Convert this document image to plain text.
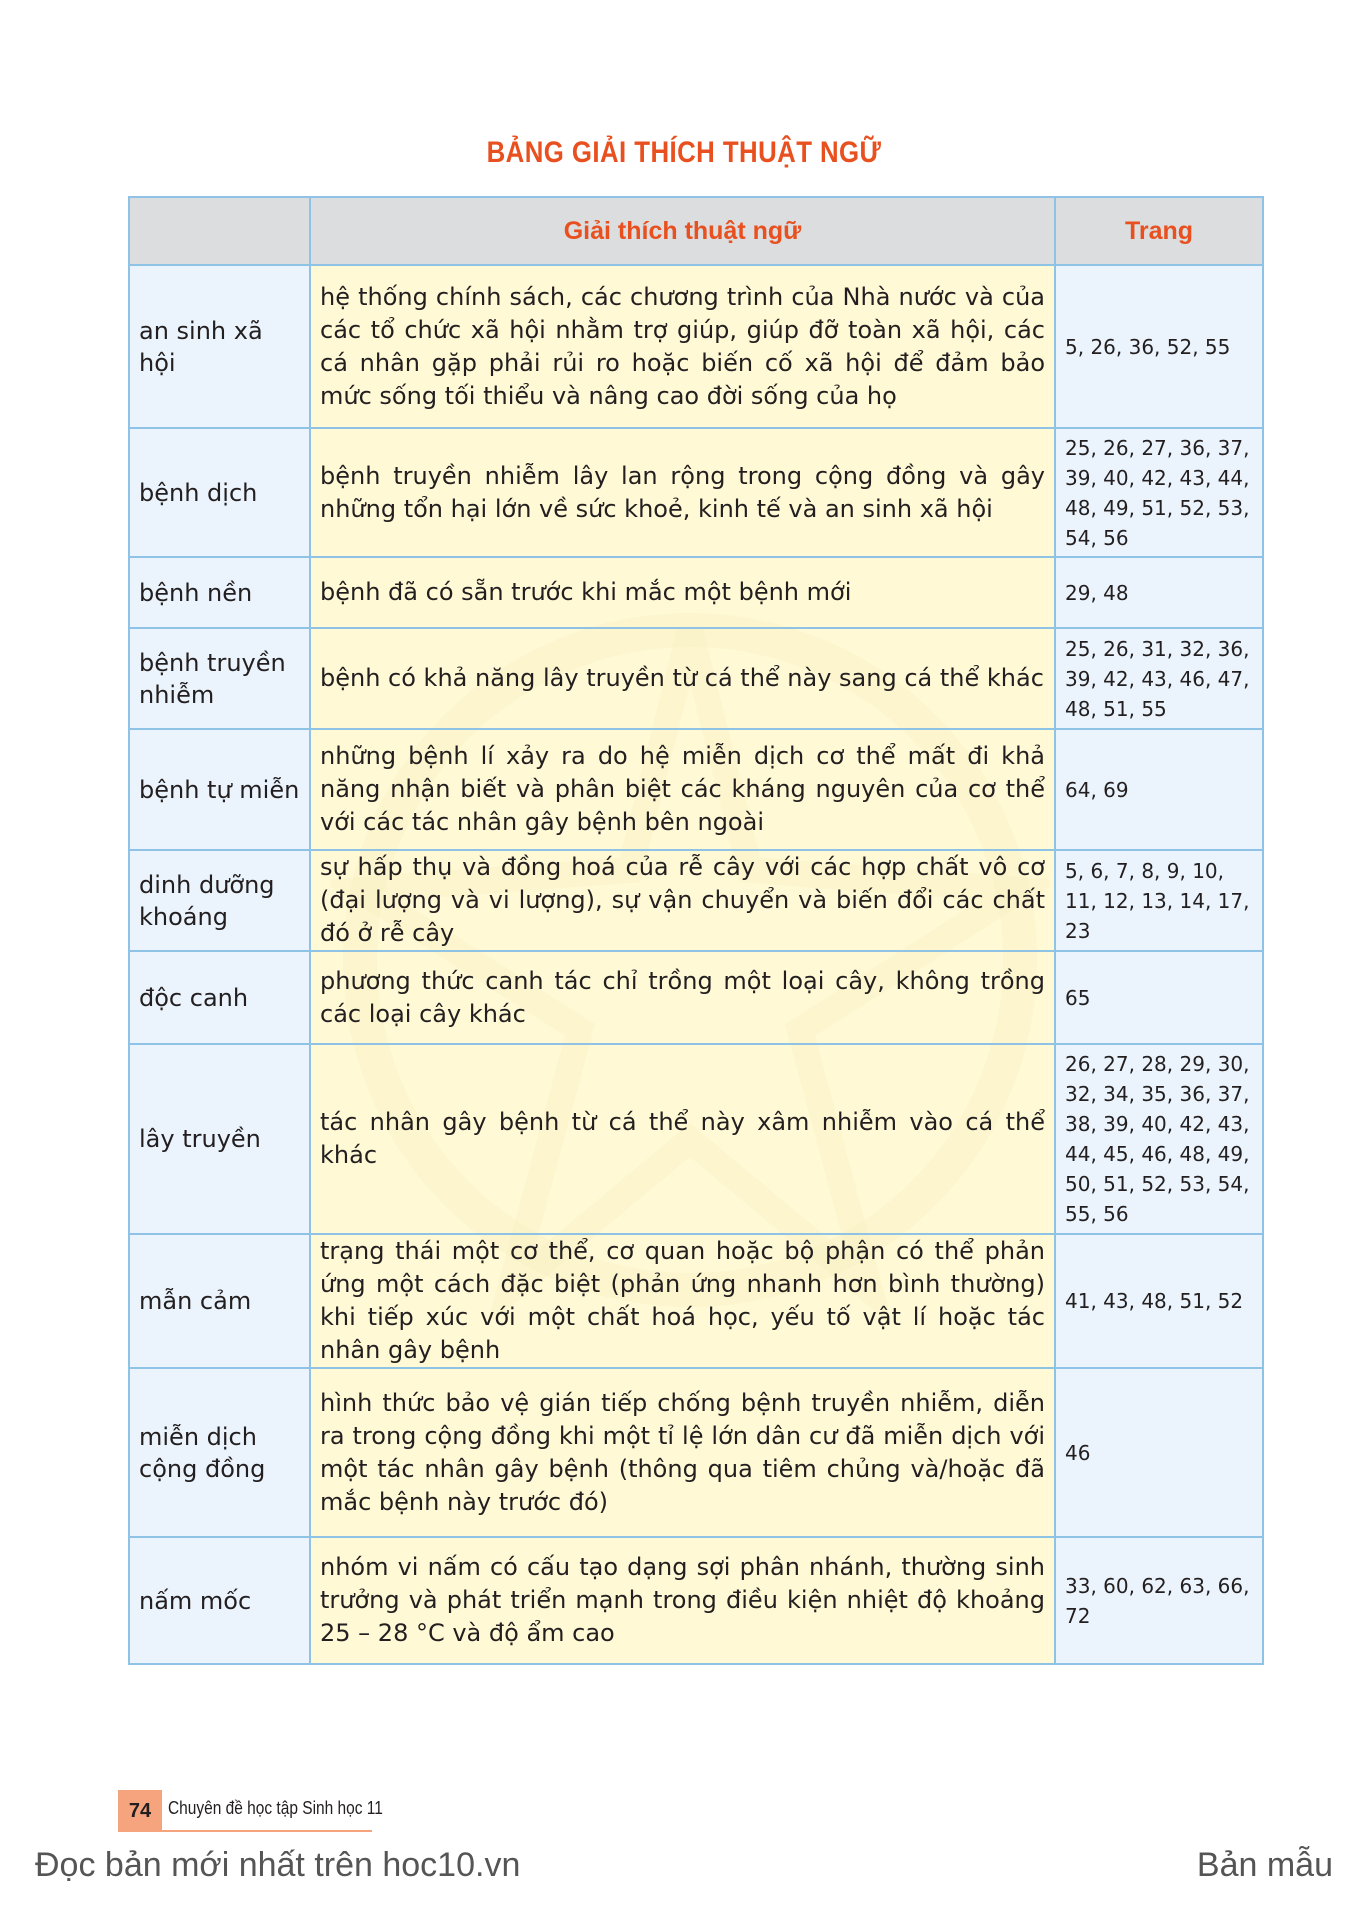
BẢNG GIẢI THÍCH THUẬT NGỮ
	Giải thích thuật ngữ	Trang
an sinh xã hội	hệ thống chính sách, các chương trình của Nhà nước và của các tổ chức xã hội nhằm trợ giúp, giúp đỡ toàn xã hội, các cá nhân gặp phải rủi ro hoặc biến cố xã hội để đảm bảo mức sống tối thiểu và nâng cao đời sống của họ	5, 26, 36, 52, 55
bệnh dịch	bệnh truyền nhiễm lây lan rộng trong cộng đồng và gây những tổn hại lớn về sức khoẻ, kinh tế và an sinh xã hội	25, 26, 27, 36, 37, 39, 40, 42, 43, 44, 48, 49, 51, 52, 53, 54, 56
bệnh nền	bệnh đã có sẵn trước khi mắc một bệnh mới	29, 48
bệnh truyền nhiễm	bệnh có khả năng lây truyền từ cá thể này sang cá thể khác	25, 26, 31, 32, 36, 39, 42, 43, 46, 47, 48, 51, 55
bệnh tự miễn	những bệnh lí xảy ra do hệ miễn dịch cơ thể mất đi khả năng nhận biết và phân biệt các kháng nguyên của cơ thể với các tác nhân gây bệnh bên ngoài	64, 69
dinh dưỡng khoáng	sự hấp thụ và đồng hoá của rễ cây với các hợp chất vô cơ (đại lượng và vi lượng), sự vận chuyển và biến đổi các chất đó ở rễ cây	5, 6, 7, 8, 9, 10, 11, 12, 13, 14, 17, 23
độc canh	phương thức canh tác chỉ trồng một loại cây, không trồng các loại cây khác	65
lây truyền	tác nhân gây bệnh từ cá thể này xâm nhiễm vào cá thể khác	26, 27, 28, 29, 30, 32, 34, 35, 36, 37, 38, 39, 40, 42, 43, 44, 45, 46, 48, 49, 50, 51, 52, 53, 54, 55, 56
mẫn cảm	trạng thái một cơ thể, cơ quan hoặc bộ phận có thể phản ứng một cách đặc biệt (phản ứng nhanh hơn bình thường) khi tiếp xúc với một chất hoá học, yếu tố vật lí hoặc tác nhân gây bệnh	41, 43, 48, 51, 52
miễn dịch cộng đồng	hình thức bảo vệ gián tiếp chống bệnh truyền nhiễm, diễn ra trong cộng đồng khi một tỉ lệ lớn dân cư đã miễn dịch với một tác nhân gây bệnh (thông qua tiêm chủng và/hoặc đã mắc bệnh này trước đó)	46
nấm mốc	nhóm vi nấm có cấu tạo dạng sợi phân nhánh, thường sinh trưởng và phát triển mạnh trong điều kiện nhiệt độ khoảng 25 – 28 °C và độ ẩm cao	33, 60, 62, 63, 66, 72
74 Chuyên đề học tập Sinh học 11
Đọc bản mới nhất trên hoc10.vn	Bản mẫu
